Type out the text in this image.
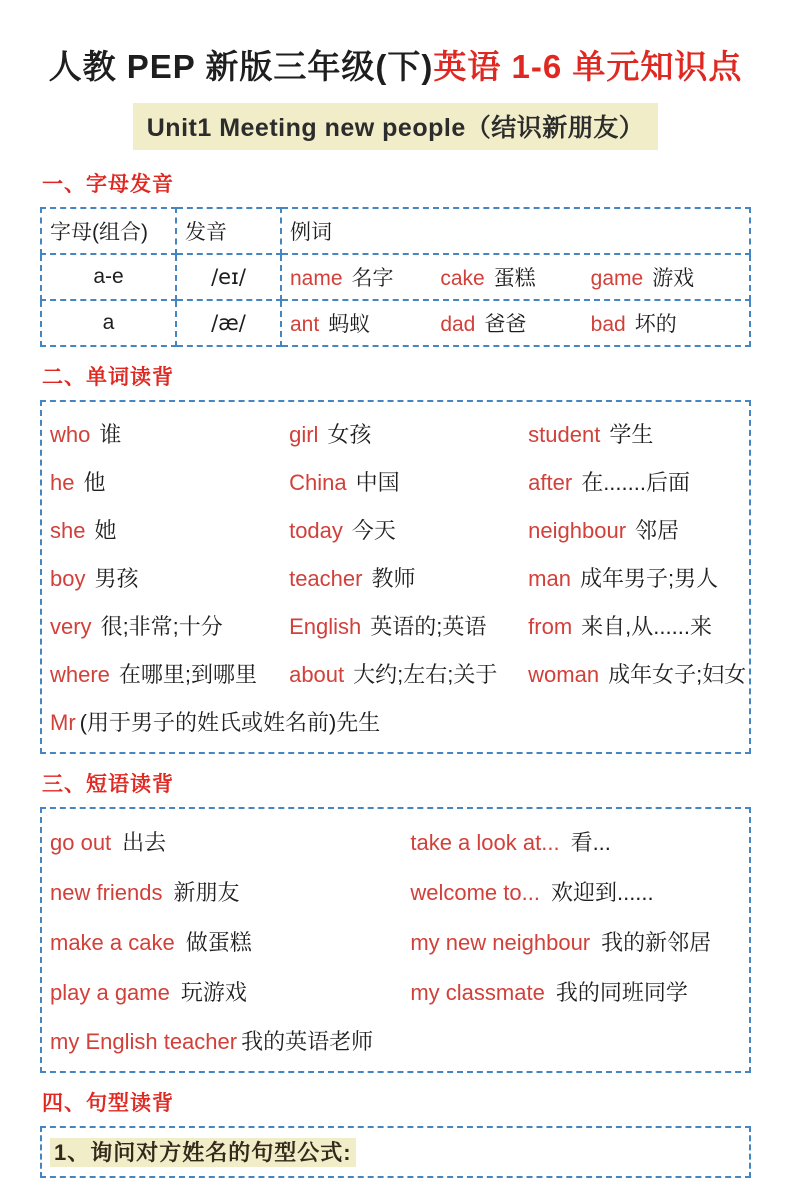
人教 PEP 新版三年级(下)英语 1-6 单元知识点
Unit1 Meeting new people（结识新朋友）
一、字母发音
字母(组合)	发音	例词
a-e	/eɪ/	name 名字 cake 蛋糕 game 游戏

a	/æ/	ant 蚂蚁 dad 爸爸 bad 坏的
二、单词读背
who 谁	girl 女孩	student 学生
he 他	China 中国	after 在.......后面
she 她	today 今天	neighbour 邻居
boy 男孩	teacher 教师	man 成年男子;男人
very 很;非常;十分	English 英语的;英语	from 来自,从......来
where 在哪里;到哪里	about 大约;左右;关于	woman 成年女子;妇女
Mr (用于男子的姓氏或姓名前)先生
三、短语读背
go out 出去	take a look at... 看...
new friends 新朋友	welcome to... 欢迎到......
make a cake 做蛋糕	my new neighbour 我的新邻居
play a game 玩游戏	my classmate 我的同班同学
my English teacher 我的英语老师
四、句型读背
1、询问对方姓名的句型公式:
